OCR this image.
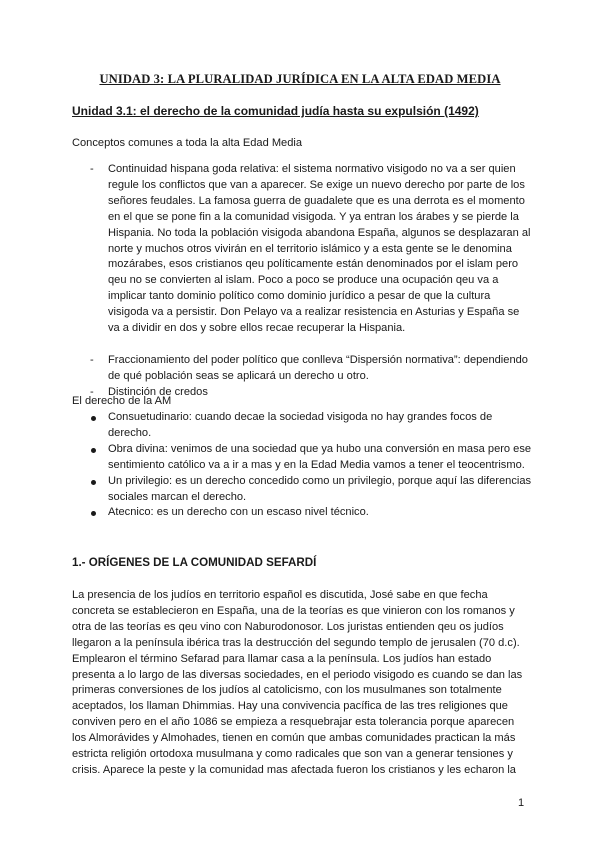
UNIDAD 3: LA PLURALIDAD JURÍDICA EN LA ALTA EDAD MEDIA
Unidad 3.1: el derecho de la comunidad judía hasta su expulsión (1492)

Conceptos comunes a toda la alta Edad Media

- Continuidad hispana goda relativa: el sistema normativo visigodo no va a ser quien regule los conflictos que van a aparecer. Se exige un nuevo derecho por parte de los señores feudales. La famosa guerra de guadalete que es una derrota es el momento en el que se pone fin a la comunidad visigoda. Y ya entran los árabes y se pierde la Hispania. No toda la población visigoda abandona España, algunos se desplazaran al norte y muchos otros vivirán en el territorio islámico y a esta gente se le denomina mozárabes, esos cristianos qeu políticamente están denominados por el islam pero qeu no se convierten al islam. Poco a poco se produce una ocupación qeu va a implicar tanto dominio político como dominio jurídico a pesar de que la cultura visigoda va a persistir. Don Pelayo va a realizar resistencia en Asturias y España se va a dividir en dos y sobre ellos recae recuperar la Hispania.
- Fraccionamiento del poder político que conlleva “Dispersión normativa”: dependiendo de qué población seas se aplicará un derecho u otro.
- Distinción de credos

El derecho de la AM

Consuetudinario: cuando decae la sociedad visigoda no hay grandes focos de derecho.
Obra divina: venimos de una sociedad que ya hubo una conversión en masa pero ese sentimiento católico va a ir a mas y en la Edad Media vamos a tener el teocentrismo.
Un privilegio: es un derecho concedido como un privilegio, porque aquí las diferencias sociales marcan el derecho.
Atecnico: es un derecho con un escaso nivel técnico.
1.- ORÍGENES DE LA COMUNIDAD SEFARDÍ

La presencia de los judíos en territorio español es discutida, José sabe en que fecha concreta se establecieron en España, una de la teorías es que vinieron con los romanos y otra de las teorías es qeu vino con Naburodonosor. Los juristas entienden qeu os judíos llegaron a la península ibérica tras la destrucción del segundo templo de jerusalen (70 d.c). Emplearon el término Sefarad para llamar casa a la península. Los judíos han estado presenta a lo largo de las diversas sociedades, en el periodo visigodo es cuando se dan las primeras conversiones de los judíos al catolicismo, con los musulmanes son totalmente aceptados, los llaman Dhimmias. Hay una convivencia pacífica de las tres religiones que conviven pero en el año 1086 se empieza a resquebrajar esta tolerancia porque aparecen los Almorávides y Almohades, tienen en común que ambas comunidades practican la más estricta religión ortodoxa musulmana y como radicales que son van a generar tensiones y crisis. Aparece la peste y la comunidad mas afectada fueron los cristianos y les echaron la

1
